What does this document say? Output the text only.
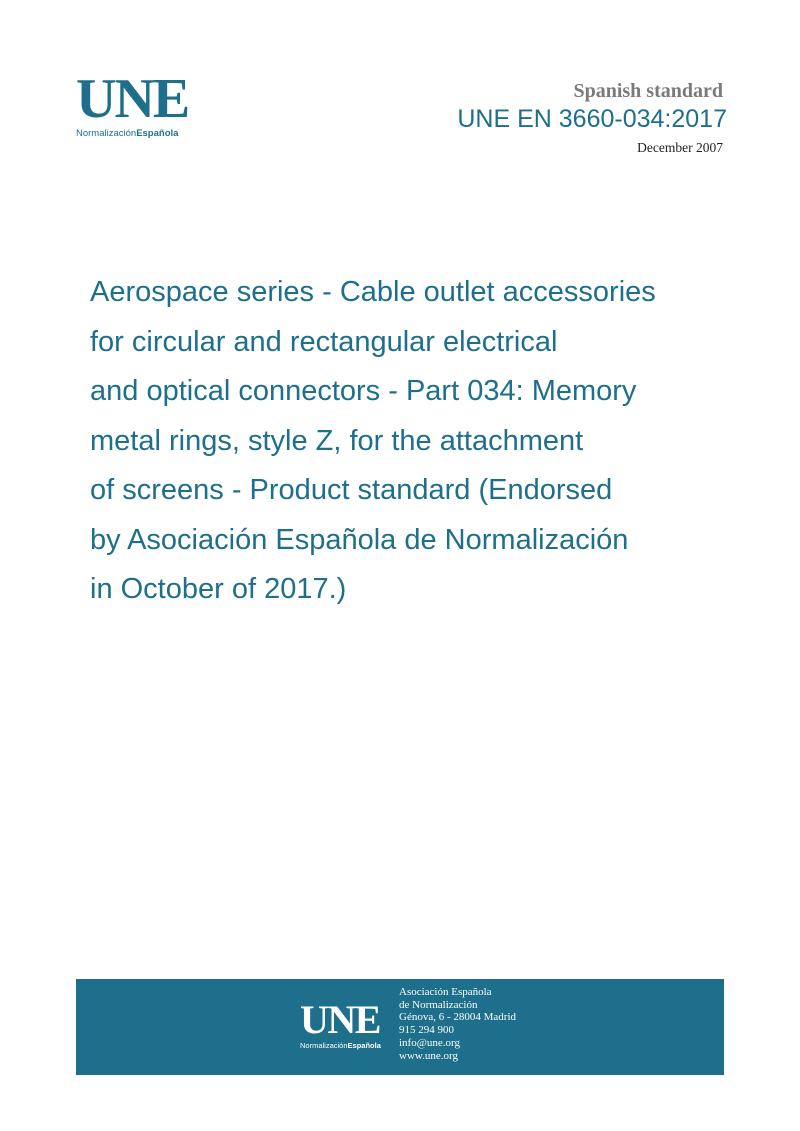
UNE
NormalizaciónEspañola
Spanish standard
UNE EN 3660-034:2017
December 2007
Aerospace series - Cable outlet accessories
for circular and rectangular electrical
and optical connectors - Part 034: Memory
metal rings, style Z, for the attachment
of screens - Product standard (Endorsed
by Asociación Española de Normalización
in October of 2017.)
UNE
NormalizaciónEspañola
Asociación Española
de Normalización
Génova, 6 - 28004 Madrid
915 294 900
info@une.org
www.une.org
